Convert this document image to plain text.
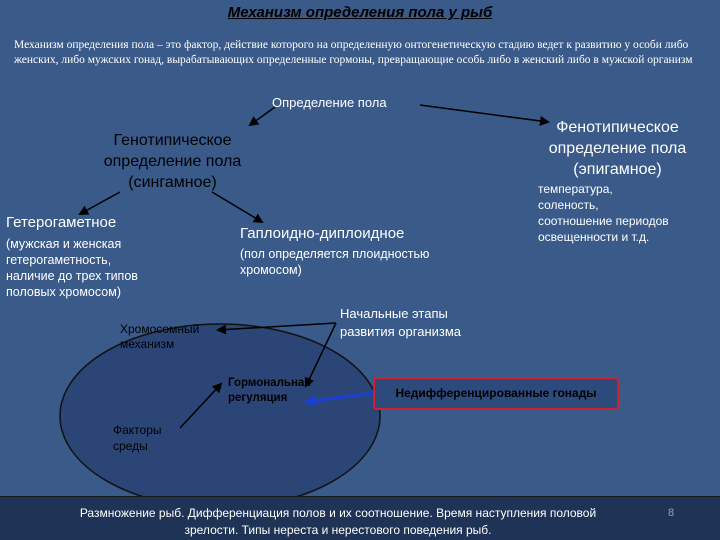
Механизм определения пола у рыб
Механизм определения пола – это фактор, действие которого на определенную онтогенетическую стадию ведет к развитию у особи либо женских, либо мужских гонад, вырабатывающих определенные гормоны, превращающие особь либо в женский либо в мужской организм
Определение пола
Генотипическое
определение пола
(сингамное)
Фенотипическое
определение пола
(эпигамное)
температура,
соленость,
соотношение периодов
освещенности и т.д.
Гетерогаметное
(мужская и женская
гетерогаметность,
наличие до трех типов
половых хромосом)
Гаплоидно-диплоидное
(пол определяется плоидностью
хромосом)
Начальные этапы
развития организма
Хромосомный
механизм
Гормональная
регуляция	Недифференцированные гонады
Факторы
среды
Размножение рыб. Дифференциация полов и их соотношение. Время наступления половой
зрелости. Типы нереста и нерестового поведения рыб.
8
